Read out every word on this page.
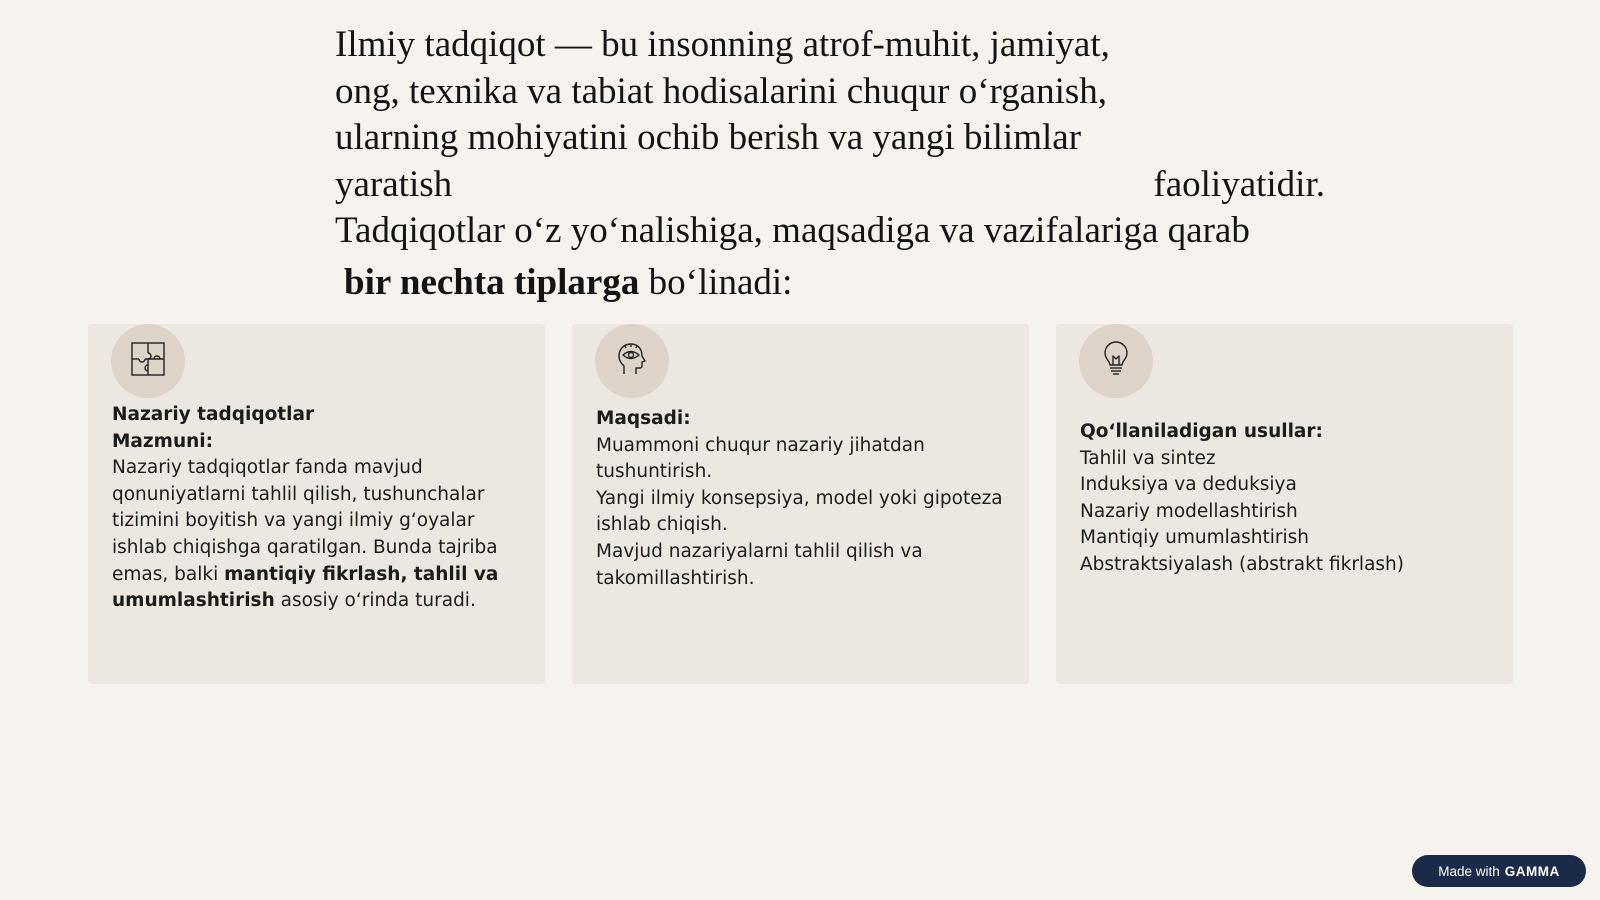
Ilmiy tadqiqot — bu insonning atrof-muhit, jamiyat,
ong, texnika va tabiat hodisalarini chuqur o‘rganish,
ularning mohiyatini ochib berish va yangi bilimlar
yaratish	faoliyatidir.
Tadqiqotlar o‘z yo‘nalishiga, maqsadiga va vazifalariga qarab
bir nechta tiplarga bo‘linadi:
Nazariy tadqiqotlar
Mazmuni:
Nazariy tadqiqotlar fanda mavjud qonuniyatlarni tahlil qilish, tushunchalar tizimini boyitish va yangi ilmiy g‘oyalar ishlab chiqishga qaratilgan. Bunda tajriba emas, balki mantiqiy fikrlash, tahlil va umumlashtirish asosiy o‘rinda turadi.
Maqsadi:
Muammoni chuqur nazariy jihatdan tushuntirish.
Yangi ilmiy konsepsiya, model yoki gipoteza ishlab chiqish.
Mavjud nazariyalarni tahlil qilish va takomillashtirish.
Qo‘llaniladigan usullar:
Tahlil va sintez
Induksiya va deduksiya
Nazariy modellashtirish
Mantiqiy umumlashtirish
Abstraktsiyalash (abstrakt fikrlash)
Made with GAMMA
